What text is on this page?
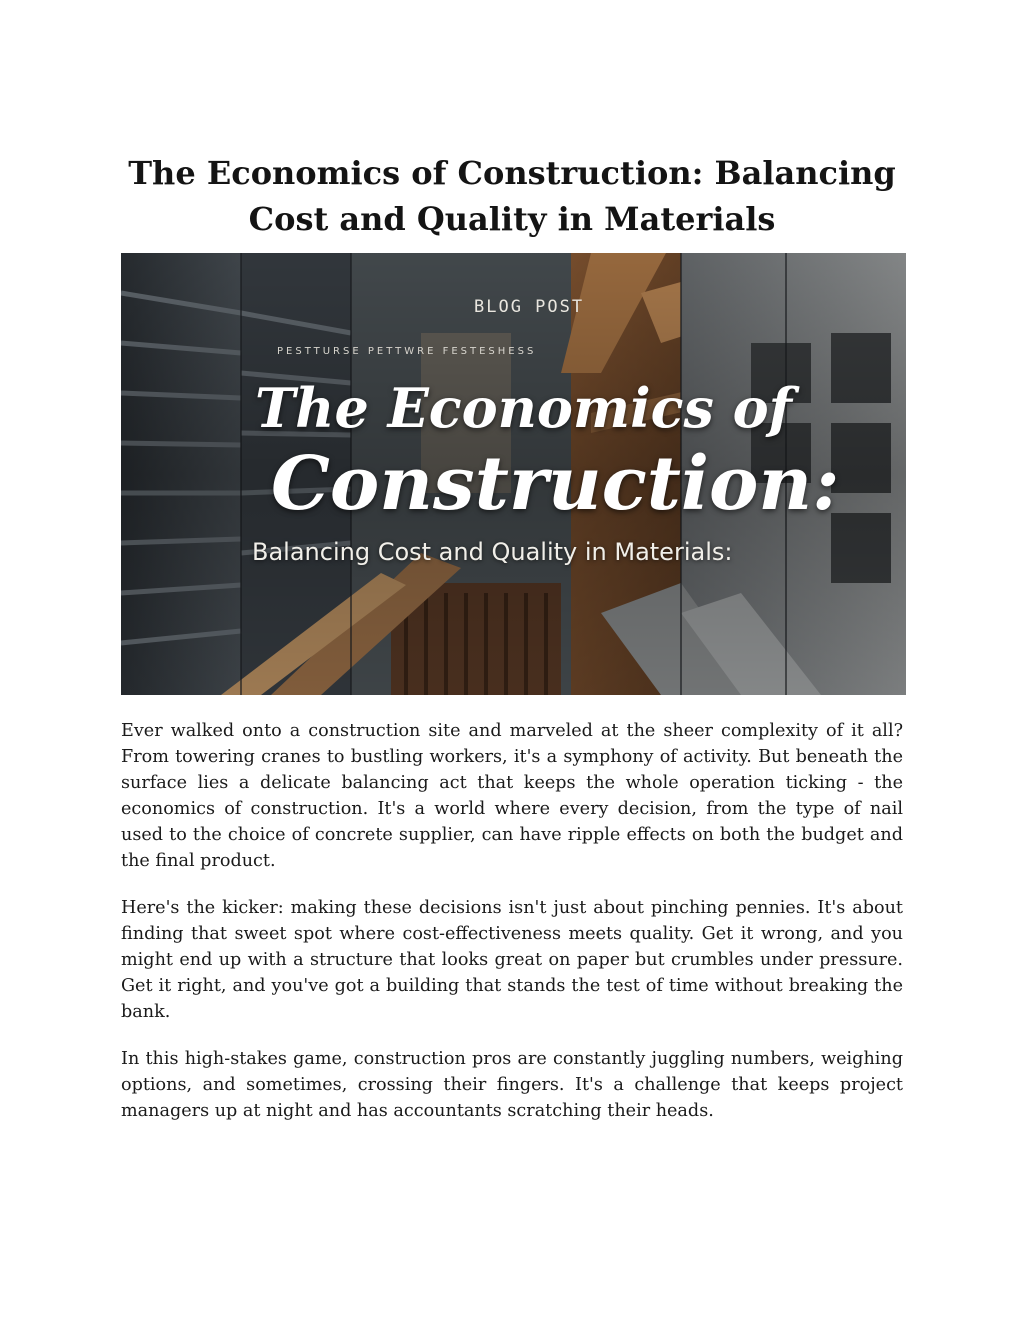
The Economics of Construction: Balancing Cost and Quality in Materials
BLOG POST
PESTTURSE PETTWRE FESTESHESS
The Economics of
Construction:
Balancing Cost and Quality in Materials:

Ever walked onto a construction site and marveled at the sheer complexity of it all? From towering cranes to bustling workers, it's a symphony of activity. But beneath the surface lies a delicate balancing act that keeps the whole operation ticking - the economics of construction. It's a world where every decision, from the type of nail used to the choice of concrete supplier, can have ripple effects on both the budget and the final product.

Here's the kicker: making these decisions isn't just about pinching pennies. It's about finding that sweet spot where cost-effectiveness meets quality. Get it wrong, and you might end up with a structure that looks great on paper but crumbles under pressure. Get it right, and you've got a building that stands the test of time without breaking the bank.

In this high-stakes game, construction pros are constantly juggling numbers, weighing options, and sometimes, crossing their fingers. It's a challenge that keeps project managers up at night and has accountants scratching their heads.
